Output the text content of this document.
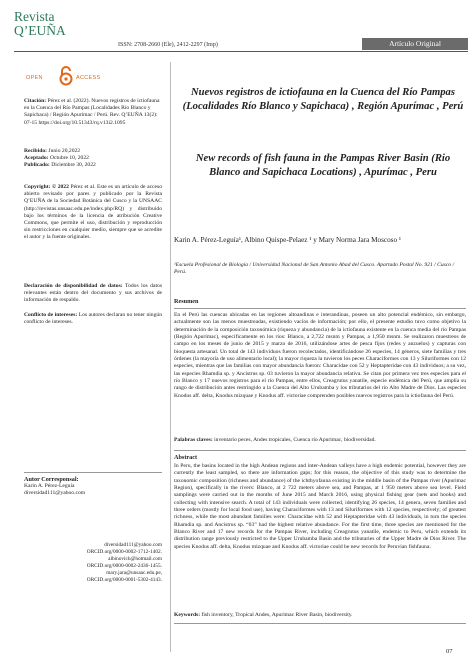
Revista
Q’EUÑA
ISSN: 2708-2660 (Ele), 2412-2297 (Imp)	Artículo Original
OPEN	ACCESS
Citación: Pérez et al. (2022). Nuevos registros de ictiofauna en la Cuenca del Río Pampas (Localidades Río Blanco y Sapichaca) / Región Apurímac / Perú. Rev. Q’EUÑA 13(2): 07-15 https://doi.org/10.51343/rq.v13i2.1095
Recibido: Junio 20,2022
Aceptado: Octubre 10, 2022
Publicado: Diciembre 30, 2022
Copyright: © 2022 Pérez et al. Este es un artículo de acceso abierto revisado por pares y publicado por la Revista Q’EUÑA de la Sociedad Botánica del Cusco y la UNSAAC (http://revistas.unsaac.edu.pe/index.php/RQ) y distribuido bajo los términos de la licencia de atribución Creative Commons, que permite el uso, distribución y reproducción sin restricciones en cualquier medio, siempre que se acredite el autor y la fuente originales.
Declaración de disponibilidad de datos: Todos los datos relevantes están dentro del documento y sus archivos de información de respaldo.
Conflicto de intereses: Los autores declaran no tener ningún conflicto de intereses.
Autor Corresponsal:
Karin A. Pérez-Leguía
diversidad111@yahoo.com
diversidad111@yahoo.com
ORCID.org/0000-0002-1712-1402.
albinovich@hotmail.com
ORCID.org/0000-0002-2436-1455.
mary.jara@unsaac.edu.pe,
ORCID.org/0000-0001-5302-4143.
Nuevos registros de ictiofauna en la Cuenca del Río Pampas (Localidades Río Blanco y Sapichaca) , Región Apurímac , Perú
New records of fish fauna in the Pampas River Basin (Rio Blanco and Sapichaca Locations) , Apurímac , Peru
Karin A. Pérez-Leguía¹, Albino Quispe-Pelaez ¹ y Mary Norma Jara Moscoso ¹
¹Escuela Profesional de Biología / Universidad Nacional de San Antonio Abad del Cusco. Apartado Postal No. 921 / Cusco / Perú.
Resumen
En el Perú las cuencas ubicadas en las regiones altoandinas e interandinas, poseen un alto potencial endémico, sin embargo, actualmente son las menos muestreadas, existiendo vacíos de información; por ello, el presente estudio tuvo como objetivo la determinación de la composición taxonómica (riqueza y abundancia) de la ictiofauna existente en la cuenca media del río Pampas (Región Apurímac), específicamente en los ríos: Blanco, a 2,722 msnm y Pampas, a 1,950 msnm. Se realizaron muestreos de campo en los meses de junio de 2015 y marzo de 2016, utilizándose artes de pesca fijos (redes y anzuelos) y capturas con bioquesta artesanal. Un total de 143 individuos fueron recolectados, identificándose 26 especies, 14 géneros, siete familias y tres órdenes (la mayoría de uso alimentario local); la mayor riqueza la tuvieron los peces Characiformes con 13 y Siluriformes con 12 especies, mientras que las familias con mayor abundancia fueron: Characidae con 52 y Heptapteridae con 43 individuos; a su vez, las especies Rhamdia sp. y Ancistrus sp. 03 tuvieron la mayor abundancia relativa. Se citan por primera vez tres especies para el río Blanco y 17 nuevos registros para el río Pampas, entre ellos, Creagrutus yanatile, especie endémica del Perú, que amplía su rango de distribución antes restringido a la Cuenca del Alto Urubamba y los tributarios del río Alto Madre de Dios. Las especies Knodus aff. delta, Knodus mizquae y Knodus aff. victoriae comprenden posibles nuevos registros para la ictiofauna del Perú.
Palabras claves: inventario peces, Andes tropicales, Cuenca río Apurimac, biodiversidad.
Abstract
In Peru, the basins located in the high Andean regions and inter-Andean valleys have a high endemic potential, however they are currently the least sampled, so there are information gaps; for this reason, the objective of this study was to determine the taxonomic composition (richness and abundance) of the ichthyofauna existing in the middle basin of the Pampas river (Apurimac Region), specifically in the rivers: Blanco, at 2 722 meters above sea, and Pampas, at 1 950 meters above sea level. Field samplings were carried out in the months of June 2015 and March 2016, using physical fishing gear (nets and hooks) and collecting with intensive search. A total of 143 individuals were collected, identifying 26 species, 14 genera, seven families and three orders (mostly for local food use), having Characiformes with 13 and Siluriformes with 12 species, respectively; of greatest richness, while the most abundant families were: Characidae with 52 and Heptapteridae with 43 individuals, in turn the species Rhamdia sp. and Ancistrus sp. “03” had the highest relative abundance. For the first time, three species are mentioned for the Blanco River and 17 new records for the Pampas River, including Creagrutus yanatile, endemic to Peru, which extends its distribution range previously restricted to the Upper Urubamba Basin and the tributaries of the Upper Madre de Dios River. The species Knodus aff. delta, Knodus mizquae and Knodus aff. victoriae could be new records for Peruvian fishfauna.
Keywords: fish inventory, Tropical Andes, Apurimac River Basin, biodiversity.
07
